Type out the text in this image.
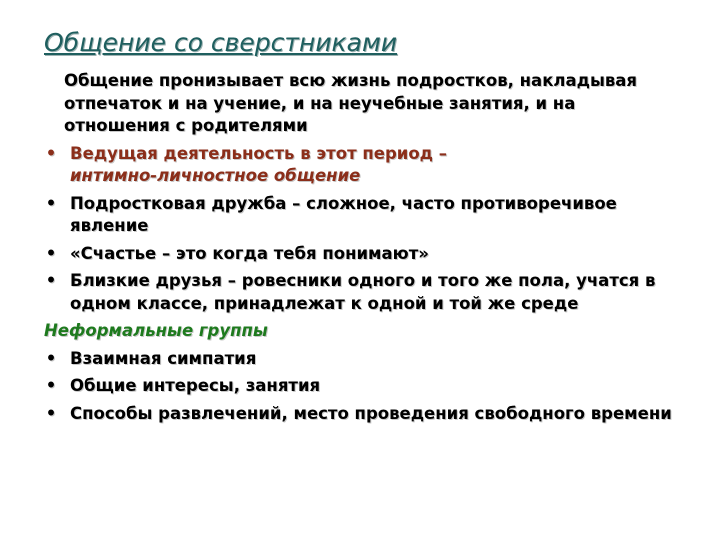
Общение со сверстниками

Общение пронизывает всю жизнь подростков, накладывая отпечаток и на учение, и на неучебные занятия, и на отношения с родителями

• Ведущая деятельность в этот период –
интимно-личностное общение
• Подростковая дружба – сложное, часто противоречивое явление
• «Счастье – это когда тебя понимают»
• Близкие друзья – ровесники одного и того же пола, учатся в одном классе, принадлежат к одной и той же среде
Неформальные группы
• Взаимная симпатия
• Общие интересы, занятия
• Способы развлечений, место проведения свободного времени
